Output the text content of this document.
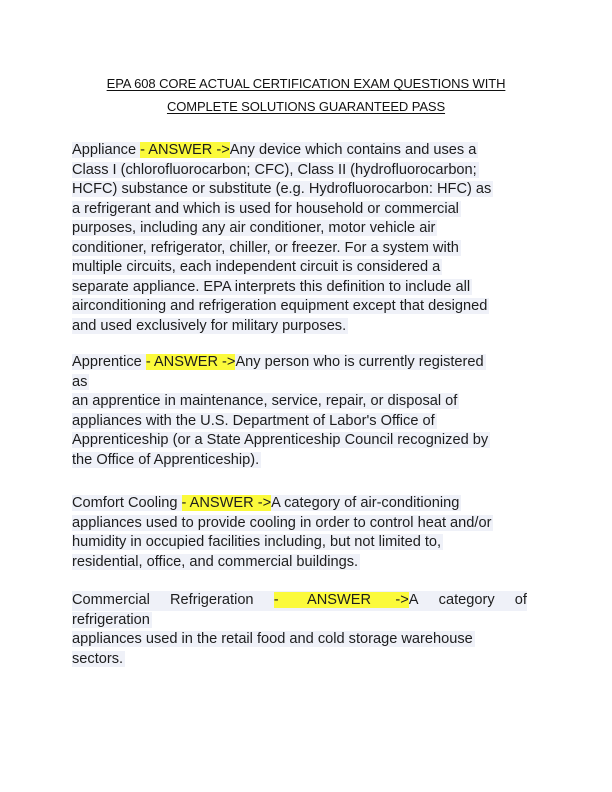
EPA 608 CORE ACTUAL CERTIFICATION EXAM QUESTIONS WITH
COMPLETE SOLUTIONS GUARANTEED PASS
Appliance - ANSWER ->Any device which contains and uses a
Class I (chlorofluorocarbon; CFC), Class II (hydrofluorocarbon;
HCFC) substance or substitute (e.g. Hydrofluorocarbon: HFC) as
a refrigerant and which is used for household or commercial
purposes, including any air conditioner, motor vehicle air
conditioner, refrigerator, chiller, or freezer. For a system with
multiple circuits, each independent circuit is considered a
separate appliance. EPA interprets this definition to include all
airconditioning and refrigeration equipment except that designed
and used exclusively for military purposes.
Apprentice - ANSWER ->Any person who is currently registered
as
an apprentice in maintenance, service, repair, or disposal of
appliances with the U.S. Department of Labor's Office of
Apprenticeship (or a State Apprenticeship Council recognized by
the Office of Apprenticeship).
Comfort Cooling - ANSWER ->A category of air-conditioning
appliances used to provide cooling in order to control heat and/or
humidity in occupied facilities including, but not limited to,
residential, office, and commercial buildings.
Commercial Refrigeration - ANSWER ->A category of
refrigeration
appliances used in the retail food and cold storage warehouse
sectors.
